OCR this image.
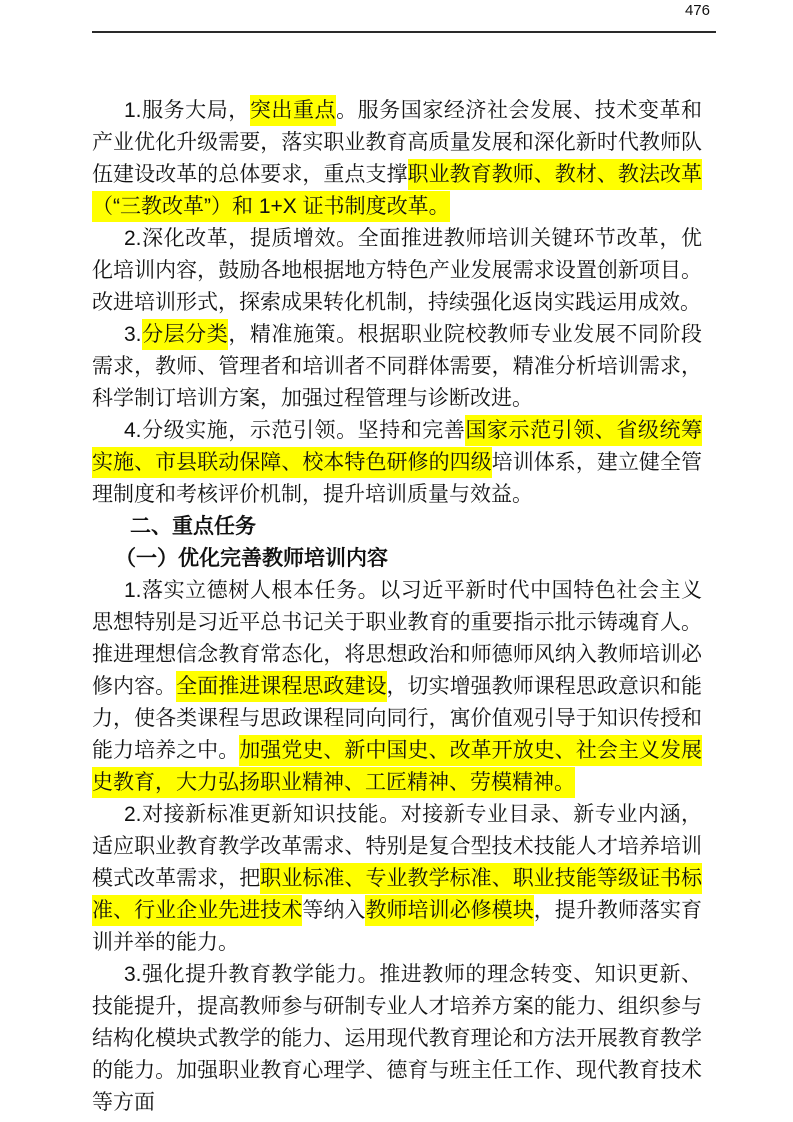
476

1.服务大局，突出重点。服务国家经济社会发展、技术变革和产业优化升级需要，落实职业教育高质量发展和深化新时代教师队伍建设改革的总体要求，重点支撑职业教育教师、教材、教法改革（“三教改革”）和 1+X 证书制度改革。

2.深化改革，提质增效。全面推进教师培训关键环节改革，优化培训内容，鼓励各地根据地方特色产业发展需求设置创新项目。改进培训形式，探索成果转化机制，持续强化返岗实践运用成效。

3.分层分类，精准施策。根据职业院校教师专业发展不同阶段需求，教师、管理者和培训者不同群体需要，精准分析培训需求，科学制订培训方案，加强过程管理与诊断改进。

4.分级实施，示范引领。坚持和完善国家示范引领、省级统筹实施、市县联动保障、校本特色研修的四级培训体系，建立健全管理制度和考核评价机制，提升培训质量与效益。

二、重点任务

（一）优化完善教师培训内容

1.落实立德树人根本任务。以习近平新时代中国特色社会主义思想特别是习近平总书记关于职业教育的重要指示批示铸魂育人。推进理想信念教育常态化，将思想政治和师德师风纳入教师培训必修内容。全面推进课程思政建设，切实增强教师课程思政意识和能力，使各类课程与思政课程同向同行，寓价值观引导于知识传授和能力培养之中。加强党史、新中国史、改革开放史、社会主义发展史教育，大力弘扬职业精神、工匠精神、劳模精神。

2.对接新标准更新知识技能。对接新专业目录、新专业内涵，适应职业教育教学改革需求、特别是复合型技术技能人才培养培训模式改革需求，把职业标准、专业教学标准、职业技能等级证书标准、行业企业先进技术等纳入教师培训必修模块，提升教师落实育训并举的能力。

3.强化提升教育教学能力。推进教师的理念转变、知识更新、技能提升，提高教师参与研制专业人才培养方案的能力、组织参与结构化模块式教学的能力、运用现代教育理论和方法开展教育教学的能力。加强职业教育心理学、德育与班主任工作、现代教育技术等方面
